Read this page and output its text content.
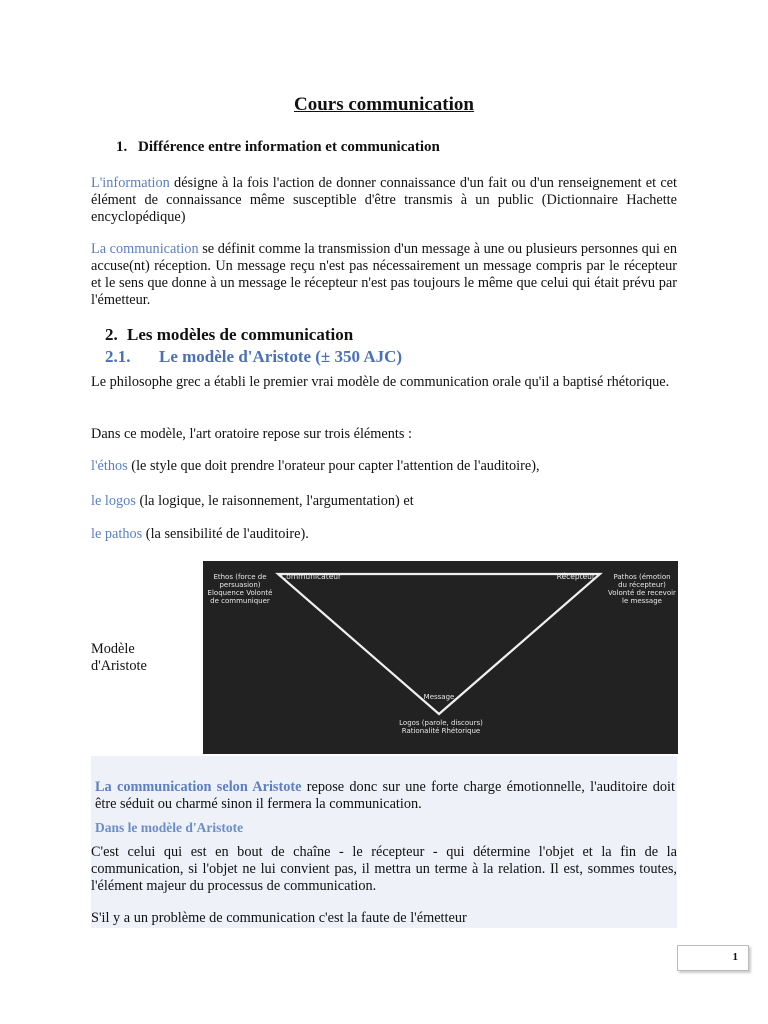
Cours communication
1. Différence entre information et communication

L'information désigne à la fois l'action de donner connaissance d'un fait ou d'un renseignement et cet élément de connaissance même susceptible d'être transmis à un public (Dictionnaire Hachette encyclopédique)

La communication se définit comme la transmission d'un message à une ou plusieurs personnes qui en accuse(nt) réception. Un message reçu n'est pas nécessairement un message compris par le récepteur et le sens que donne à un message le récepteur n'est pas toujours le même que celui qui était prévu par l'émetteur.

2. Les modèles de communication
2.1. Le modèle d'Aristote (± 350 AJC)

Le philosophe grec a établi le premier vrai modèle de communication orale qu'il a baptisé rhétorique.

Dans ce modèle, l'art oratoire repose sur trois éléments :
l'éthos (le style que doit prendre l'orateur pour capter l'attention de l'auditoire),
le logos (la logique, le raisonnement, l'argumentation) et
le pathos (la sensibilité de l'auditoire).
Modèle d'Aristote
Communicateur	Récepteur
Message
Ethos (force de persuasion) Eloquence Volonté de communiquer
Pathos (émotion du récepteur) Volonté de recevoir le message
Logos (parole, discours) Rationalité Rhétorique

La communication selon Aristote repose donc sur une forte charge émotionnelle, l'auditoire doit être séduit ou charmé sinon il fermera la communication.

Dans le modèle d'Aristote

C'est celui qui est en bout de chaîne - le récepteur - qui détermine l'objet et la fin de la communication, si l'objet ne lui convient pas, il mettra un terme à la relation. Il est, sommes toutes, l'élément majeur du processus de communication.

S'il y a un problème de communication c'est la faute de l'émetteur
1
